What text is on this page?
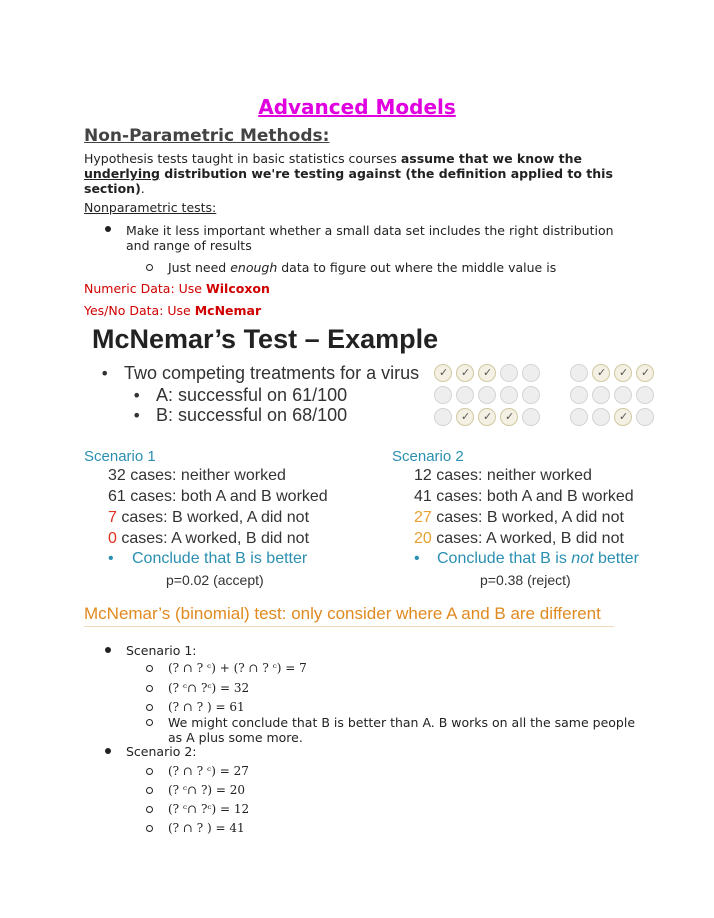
Advanced Models
Non-Parametric Methods:
Hypothesis tests taught in basic statistics courses assume that we know the underlying distribution we're testing against (the definition applied to this section).
Nonparametric tests:
Make it less important whether a small data set includes the right distribution
and range of results
Just need enough data to figure out where the middle value is
Numeric Data: Use Wilcoxon
Yes/No Data: Use McNemar
McNemar’s Test – Example
• Two competing treatments for a virus
• A: successful on 61/100
• B: successful on 68/100
✓
✓
✓
✓
✓
✓
✓
✓
✓
✓
Scenario 1
32 cases: neither worked
61 cases: both A and B worked
7 cases: B worked, A did not
0 cases: A worked, B did not
• Conclude that B is better
p=0.02 (accept)
Scenario 2
12 cases: neither worked
41 cases: both A and B worked
27 cases: B worked, A did not
20 cases: A worked, B did not
• Conclude that B is not better
p=0.38 (reject)
McNemar’s (binomial) test: only consider where A and B are different
Scenario 1:
(? ∩ ? ᶜ) + (? ∩ ? ᶜ) = 7
(? ᶜ∩ ?ᶜ) = 32
(? ∩ ? ) = 61
We might conclude that B is better than A. B works on all the same people
as A plus some more.
Scenario 2:
(? ∩ ? ᶜ) = 27
(? ᶜ∩ ?) = 20
(? ᶜ∩ ?ᶜ) = 12
(? ∩ ? ) = 41
